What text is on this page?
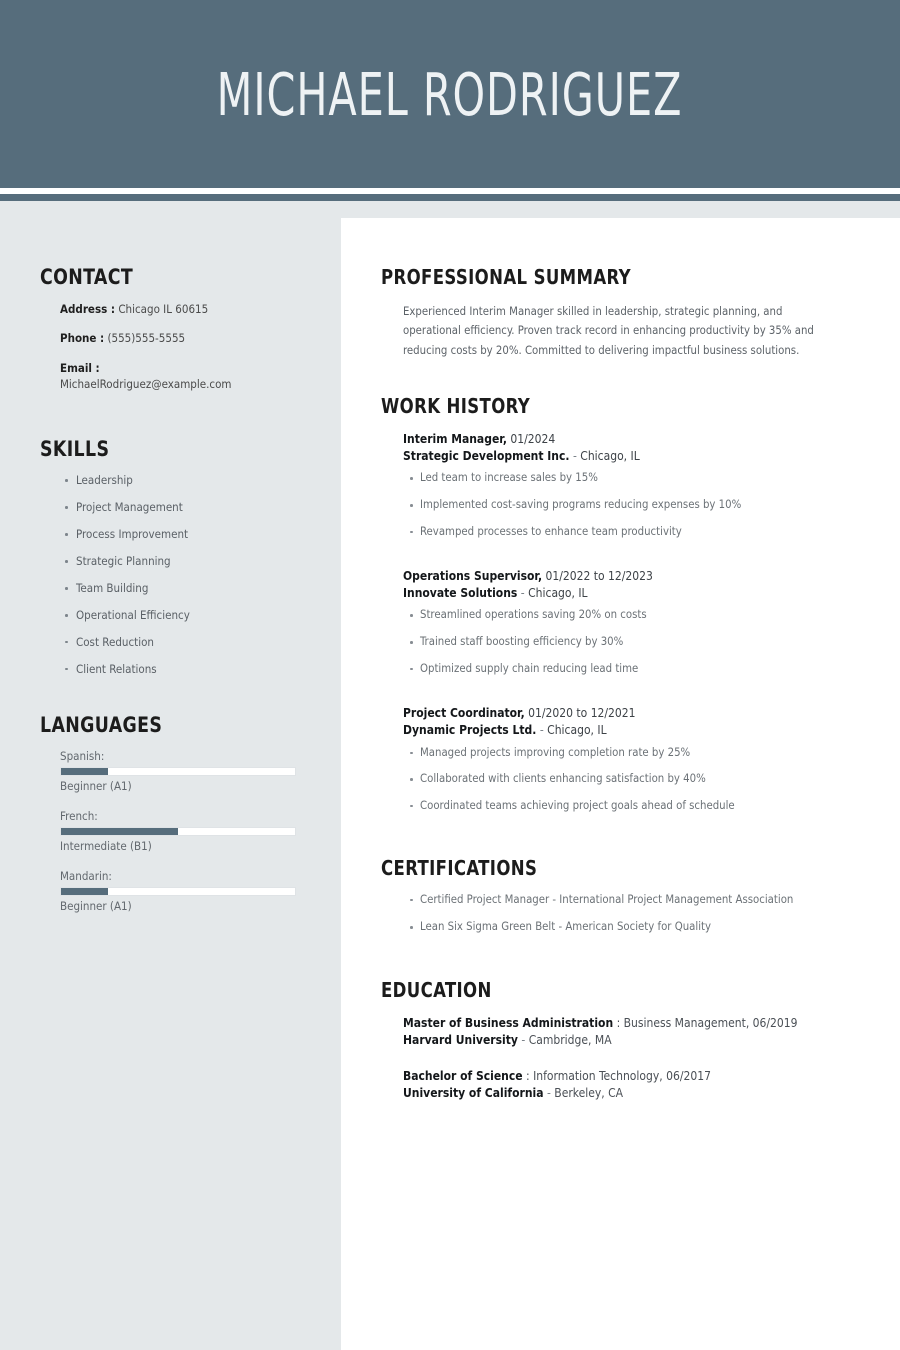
MICHAEL RODRIGUEZ
CONTACT
Address : Chicago IL 60615
Phone : (555)555-5555
Email :
MichaelRodriguez@example.com
SKILLS
Leadership
Project Management
Process Improvement
Strategic Planning
Team Building
Operational Efficiency
Cost Reduction
Client Relations
LANGUAGES
Spanish:
Beginner (A1)
French:
Intermediate (B1)
Mandarin:
Beginner (A1)
PROFESSIONAL SUMMARY

Experienced Interim Manager skilled in leadership, strategic planning, and operational efficiency. Proven track record in enhancing productivity by 35% and reducing costs by 20%. Committed to delivering impactful business solutions.

WORK HISTORY
Interim Manager, 01/2024
Strategic Development Inc. - Chicago, IL
Led team to increase sales by 15%
Implemented cost-saving programs reducing expenses by 10%
Revamped processes to enhance team productivity
Operations Supervisor, 01/2022 to 12/2023
Innovate Solutions - Chicago, IL
Streamlined operations saving 20% on costs
Trained staff boosting efficiency by 30%
Optimized supply chain reducing lead time
Project Coordinator, 01/2020 to 12/2021
Dynamic Projects Ltd. - Chicago, IL
Managed projects improving completion rate by 25%
Collaborated with clients enhancing satisfaction by 40%
Coordinated teams achieving project goals ahead of schedule
CERTIFICATIONS
Certified Project Manager - International Project Management Association
Lean Six Sigma Green Belt - American Society for Quality
EDUCATION
Master of Business Administration : Business Management, 06/2019
Harvard University - Cambridge, MA
Bachelor of Science : Information Technology, 06/2017
University of California - Berkeley, CA
